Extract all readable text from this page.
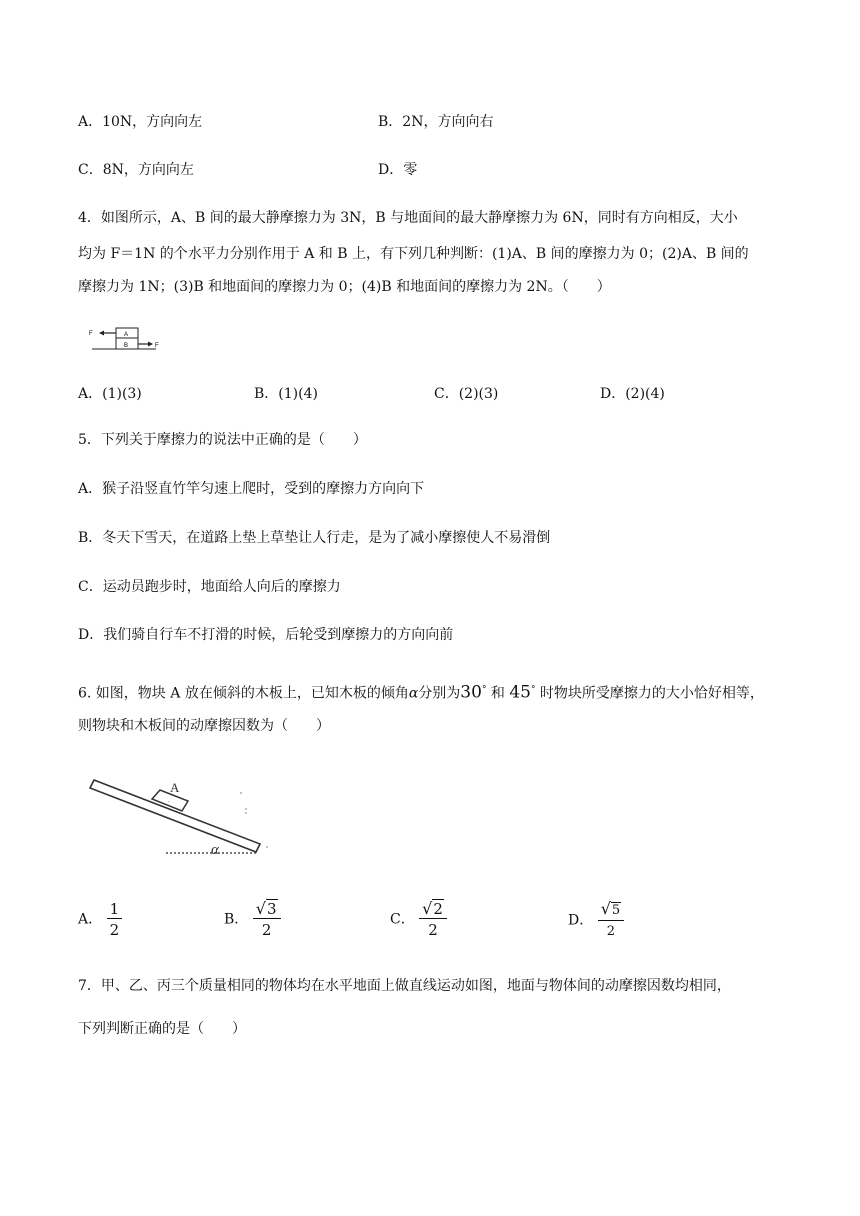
A．10N，方向向左	B．2N，方向向右
C．8N，方向向左	D．零
4．如图所示，A、B 间的最大静摩擦力为 3N，B 与地面间的最大静摩擦力为 6N，同时有方向相反，大小
均为 F＝1N 的个水平力分别作用于 A 和 B 上，有下列几种判断：(1)A、B 间的摩擦力为 0；(2)A、B 间的
摩擦力为 1N；(3)B 和地面间的摩擦力为 0；(4)B 和地面间的摩擦力为 2N。（　　）
F
F
A
B
A．(1)(3)	B．(1)(4)	C．(2)(3)	D．(2)(4)
5．下列关于摩擦力的说法中正确的是（　　）
A．猴子沿竖直竹竿匀速上爬时，受到的摩擦力方向向下
B．冬天下雪天，在道路上垫上草垫让人行走，是为了减小摩擦使人不易滑倒
C．运动员跑步时，地面给人向后的摩擦力
D．我们骑自行车不打滑的时候，后轮受到摩擦力的方向向前
6. 如图，物块 A 放在倾斜的木板上，已知木板的倾角α分别为30° 和 45° 时物块所受摩擦力的大小恰好相等，
则物块和木板间的动摩擦因数为（　　）
-
A
α
A． $\frac{1}{2}$	B． $\frac{√3}{2}$	C． $\frac{√2}{2}$	D． $\frac{√5}{2}$
7．甲、乙、丙三个质量相同的物体均在水平地面上做直线运动如图，地面与物体间的动摩擦因数均相同，
下列判断正确的是（　　）
